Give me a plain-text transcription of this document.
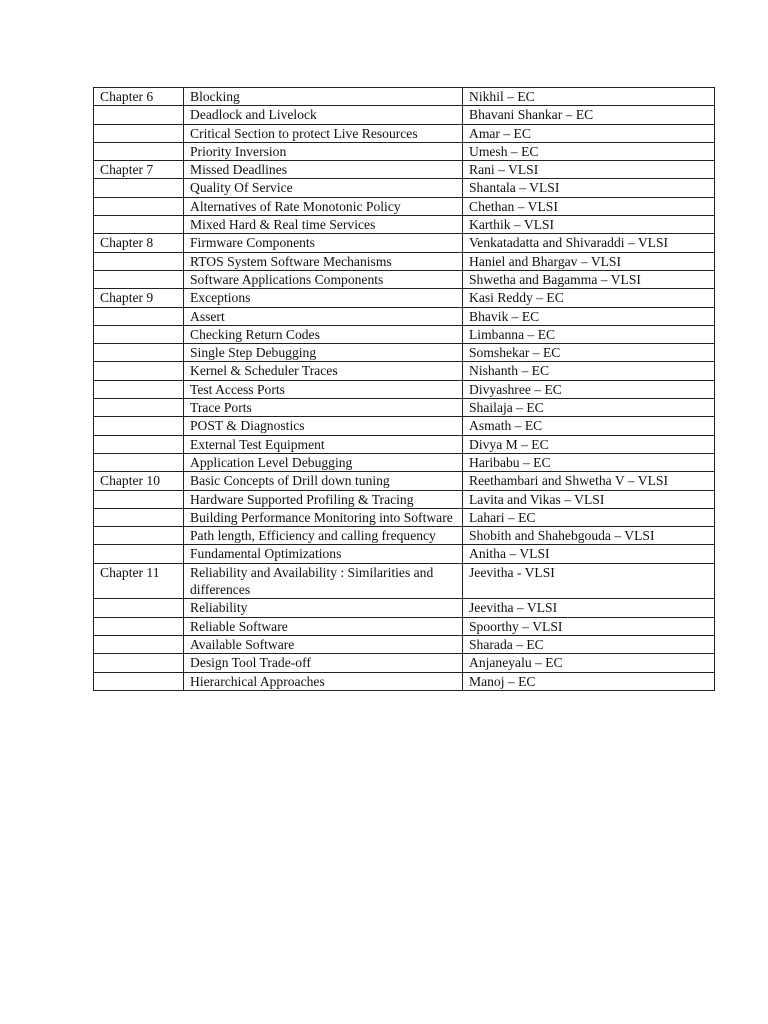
Chapter 6	Blocking	Nikhil – EC
	Deadlock and Livelock	Bhavani Shankar – EC
	Critical Section to protect Live Resources	Amar – EC
	Priority Inversion	Umesh – EC
Chapter 7	Missed Deadlines	Rani – VLSI
	Quality Of Service	Shantala – VLSI
	Alternatives of Rate Monotonic Policy	Chethan – VLSI
	Mixed Hard & Real time Services	Karthik – VLSI
Chapter 8	Firmware Components	Venkatadatta and Shivaraddi – VLSI
	RTOS System Software Mechanisms	Haniel and Bhargav – VLSI
	Software Applications Components	Shwetha and Bagamma – VLSI
Chapter 9	Exceptions	Kasi Reddy – EC
	Assert	Bhavik – EC
	Checking Return Codes	Limbanna – EC
	Single Step Debugging	Somshekar – EC
	Kernel & Scheduler Traces	Nishanth – EC
	Test Access Ports	Divyashree – EC
	Trace Ports	Shailaja – EC
	POST & Diagnostics	Asmath – EC
	External Test Equipment	Divya M – EC
	Application Level Debugging	Haribabu – EC
Chapter 10	Basic Concepts of Drill down tuning	Reethambari and Shwetha V – VLSI
	Hardware Supported Profiling & Tracing	Lavita and Vikas – VLSI
	Building Performance Monitoring into Software	Lahari – EC
	Path length, Efficiency and calling frequency	Shobith and Shahebgouda – VLSI
	Fundamental Optimizations	Anitha – VLSI
Chapter 11	Reliability and Availability : Similarities and differences	Jeevitha - VLSI
	Reliability	Jeevitha – VLSI
	Reliable Software	Spoorthy – VLSI
	Available Software	Sharada – EC
	Design Tool Trade-off	Anjaneyalu – EC
	Hierarchical Approaches	Manoj – EC
